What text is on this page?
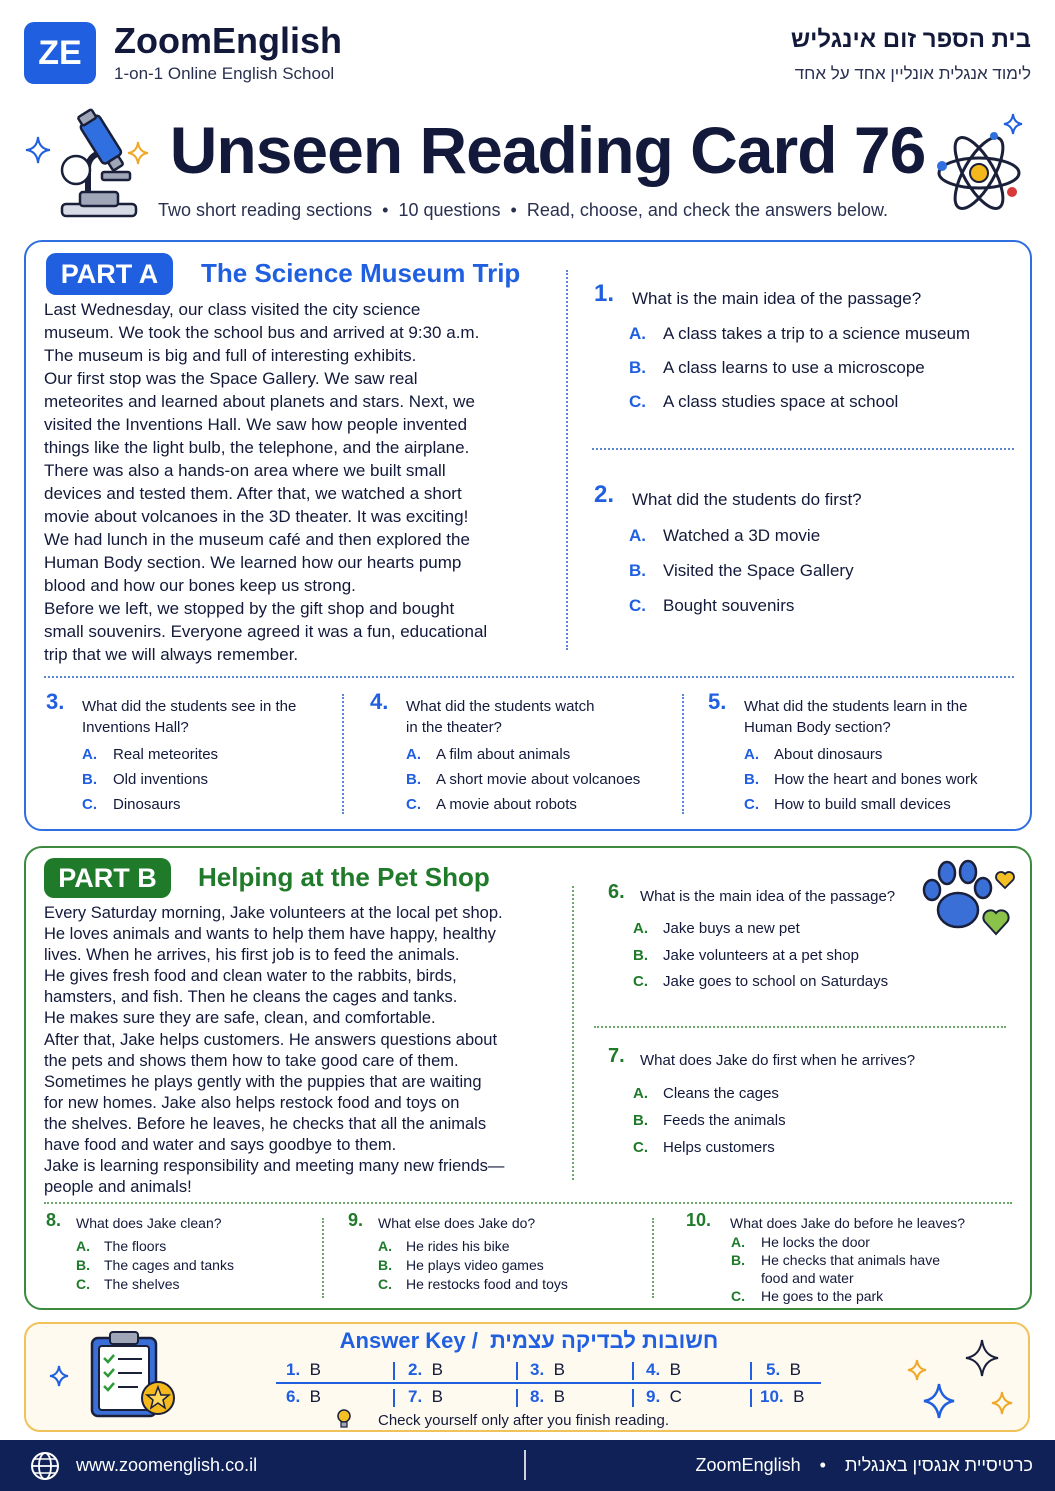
ZE ZoomEnglish
1-on-1 Online English School
בית הספר זום אינגליש
לימוד אנגלית אונליין אחד על אחד
Unseen Reading Card 76
Two short reading sections • 10 questions • Read, choose, and check the answers below.
PART A	The Science Museum Trip
Last Wednesday, our class visited the city science
museum. We took the school bus and arrived at 9:30 a.m.
The museum is big and full of interesting exhibits.
Our first stop was the Space Gallery. We saw real
meteorites and learned about planets and stars. Next, we
visited the Inventions Hall. We saw how people invented
things like the light bulb, the telephone, and the airplane.
There was also a hands-on area where we built small
devices and tested them. After that, we watched a short
movie about volcanoes in the 3D theater. It was exciting!
We had lunch in the museum café and then explored the
Human Body section. We learned how our hearts pump
blood and how our bones keep us strong.
Before we left, we stopped by the gift shop and bought
small souvenirs. Everyone agreed it was a fun, educational
trip that we will always remember.
1. What is the main idea of the passage?
A. A class takes a trip to a science museum
B. A class learns to use a microscope
C. A class studies space at school
2. What did the students do first?
A. Watched a 3D movie
B. Visited the Space Gallery
C. Bought souvenirs
3. What did the students see in the
Inventions Hall?
A. Real meteorites
B. Old inventions
C. Dinosaurs
4. What did the students watch
in the theater?
A. A film about animals
B. A short movie about volcanoes
C. A movie about robots
5. What did the students learn in the
Human Body section?
A. About dinosaurs
B. How the heart and bones work
C. How to build small devices
PART B	Helping at the Pet Shop
Every Saturday morning, Jake volunteers at the local pet shop.
He loves animals and wants to help them have happy, healthy
lives. When he arrives, his first job is to feed the animals.
He gives fresh food and clean water to the rabbits, birds,
hamsters, and fish. Then he cleans the cages and tanks.
He makes sure they are safe, clean, and comfortable.
After that, Jake helps customers. He answers questions about
the pets and shows them how to take good care of them.
Sometimes he plays gently with the puppies that are waiting
for new homes. Jake also helps restock food and toys on
the shelves. Before he leaves, he checks that all the animals
have food and water and says goodbye to them.
Jake is learning responsibility and meeting many new friends—
people and animals!
6. What is the main idea of the passage?
A. Jake buys a new pet
B. Jake volunteers at a pet shop
C. Jake goes to school on Saturdays
7. What does Jake do first when he arrives?
A. Cleans the cages
B. Feeds the animals
C. Helps customers
8. What does Jake clean?
A. The floors
B. The cages and tanks
C. The shelves
9. What else does Jake do?
A. He rides his bike
B. He plays video games
C. He restocks food and toys
10. What does Jake do before he leaves?
A. He locks the door
B. He checks that animals have
food and water
C. He goes to the park
Answer Key / חשובות לבדיקה עצמית
1. B	2. B	3. B	4. B	5. B
6. B	7. B	8. B	9. C	10. B
Check yourself only after you finish reading.
www.zoomenglish.co.il	ZoomEnglish • כרטיסיית אנגסין באנגלית
